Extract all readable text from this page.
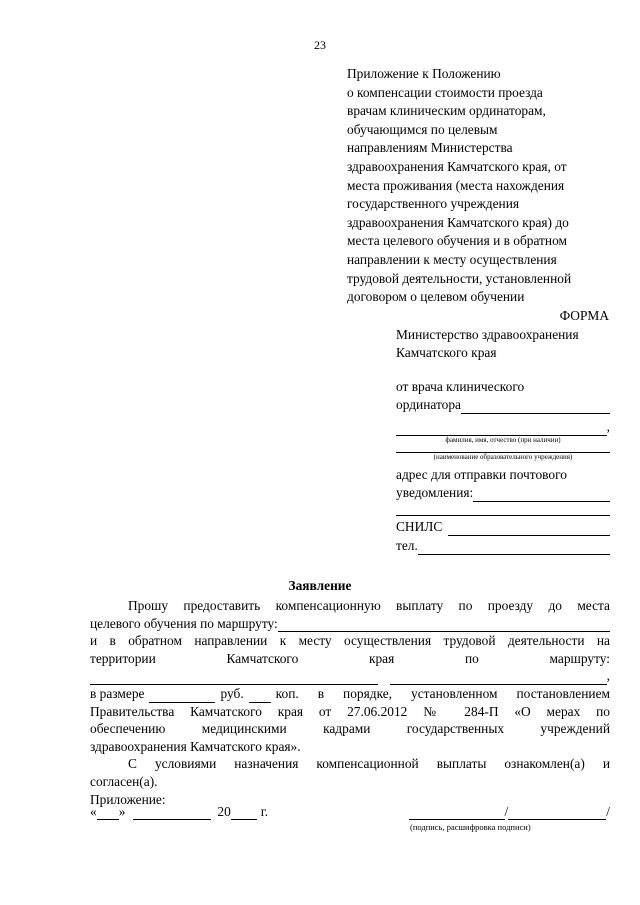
23
Приложение к Положению
о компенсации стоимости проезда
врачам клиническим ординаторам,
обучающимся по целевым
направлениям Министерства
здравоохранения Камчатского края, от
места проживания (места нахождения
государственного учреждения
здравоохранения Камчатского края) до
места целевого обучения и в обратном
направлении к месту осуществления
трудовой деятельности, установленной
договором о целевом обучении
ФОРМА
Министерство здравоохранения
Камчатского края
от врача клинического
ординатора
,
фамилия, имя, отчество (при наличии)
(наименование образовательного учреждения)
адрес для отправки почтового
уведомления:
СНИЛС
тел.
Заявление
Прошу предоставить компенсационную выплату по проезду до места
целевого обучения по маршруту:
и в обратном направлении к месту осуществления трудовой деятельности на
территории	Камчатского	края	по	маршруту:
,
в размере	руб. коп. в порядке, установленном постановлением
Правительства Камчатского края от 27.06.2012 № 284-П «О мерах по
обеспечению медицинскими кадрами государственных учреждений
здравоохранения Камчатского края».
С условиями назначения компенсационной выплаты ознакомлен(а) и
согласен(а).
Приложение:
« »	20 г.	/	/
(подпись, расшифровка подписи)
